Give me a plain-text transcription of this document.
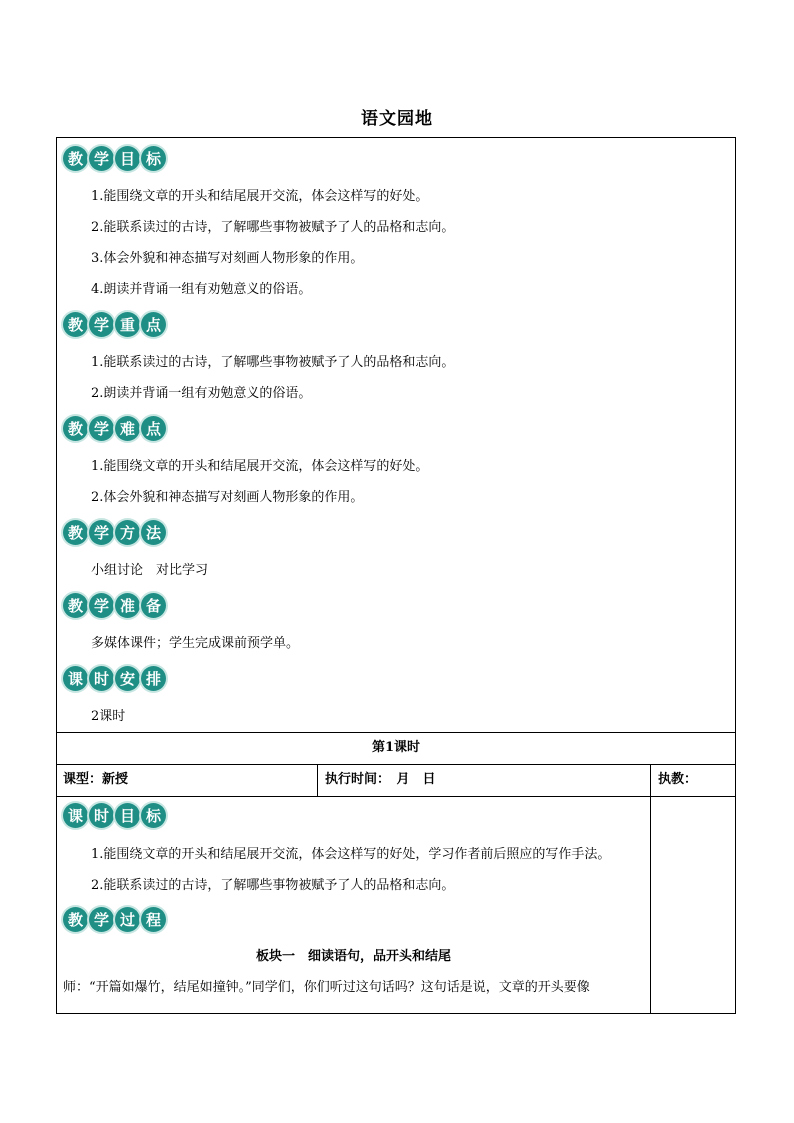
语文园地
教 学 目 标
1.能围绕文章的开头和结尾展开交流，体会这样写的好处。
2.能联系读过的古诗，了解哪些事物被赋予了人的品格和志向。
3.体会外貌和神态描写对刻画人物形象的作用。
4.朗读并背诵一组有劝勉意义的俗语。
教 学 重 点
1.能联系读过的古诗，了解哪些事物被赋予了人的品格和志向。
2.朗读并背诵一组有劝勉意义的俗语。
教 学 难 点
1.能围绕文章的开头和结尾展开交流，体会这样写的好处。
2.体会外貌和神态描写对刻画人物形象的作用。
教 学 方 法
小组讨论　对比学习
教 学 准 备
多媒体课件；学生完成课前预学单。
课 时 安 排
2课时
第1课时
课型：新授	执行时间：　月　日	执教：
课 时 目 标
1.能围绕文章的开头和结尾展开交流，体会这样写的好处，学习作者前后照应的写作手法。
2.能联系读过的古诗，了解哪些事物被赋予了人的品格和志向。
教 学 过 程
板块一　细读语句，品开头和结尾
师：“开篇如爆竹，结尾如撞钟。”同学们，你们听过这句话吗？这句话是说，文章的开头要像
